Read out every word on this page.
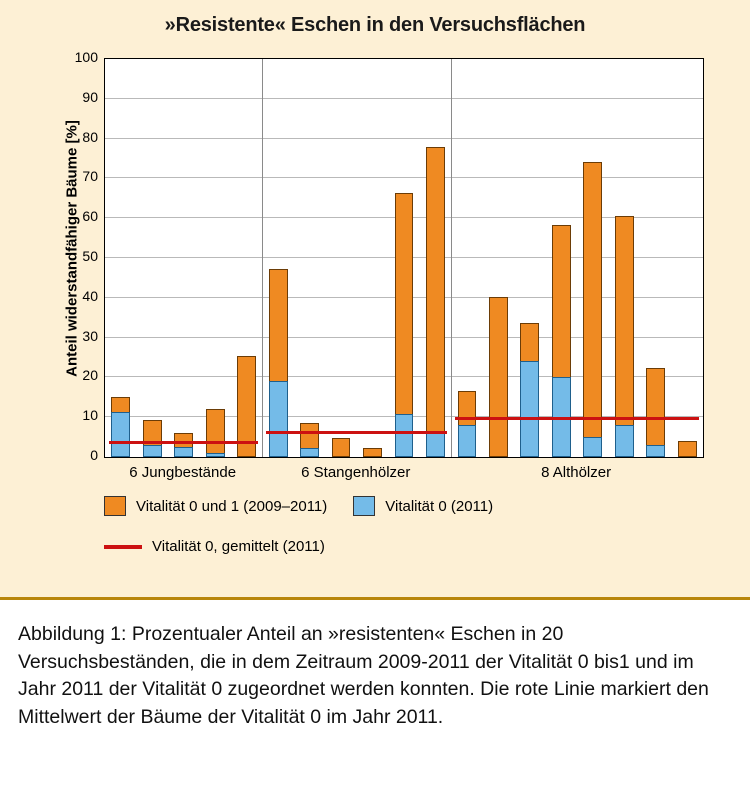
»Resistente« Eschen in den Versuchsflächen
Anteil widerstandfähiger Bäume [%]
0
10
20
30
40
50
60
70
80
90
100
6 Jungbestände	6 Stangenhölzer	8 Althölzer
Vitalität 0 und 1 (2009–2011)	Vitalität 0 (2011)
Vitalität 0, gemittelt (2011)
Abbildung 1: Prozentualer Anteil an »resistenten« Eschen in 20 Versuchsbeständen, die in dem Zeitraum 2009-2011 der Vitalität 0 bis1 und im Jahr 2011 der Vitalität 0 zugeordnet werden konnten. Die rote Linie markiert den Mittelwert der Bäume der Vitalität 0 im Jahr 2011.
